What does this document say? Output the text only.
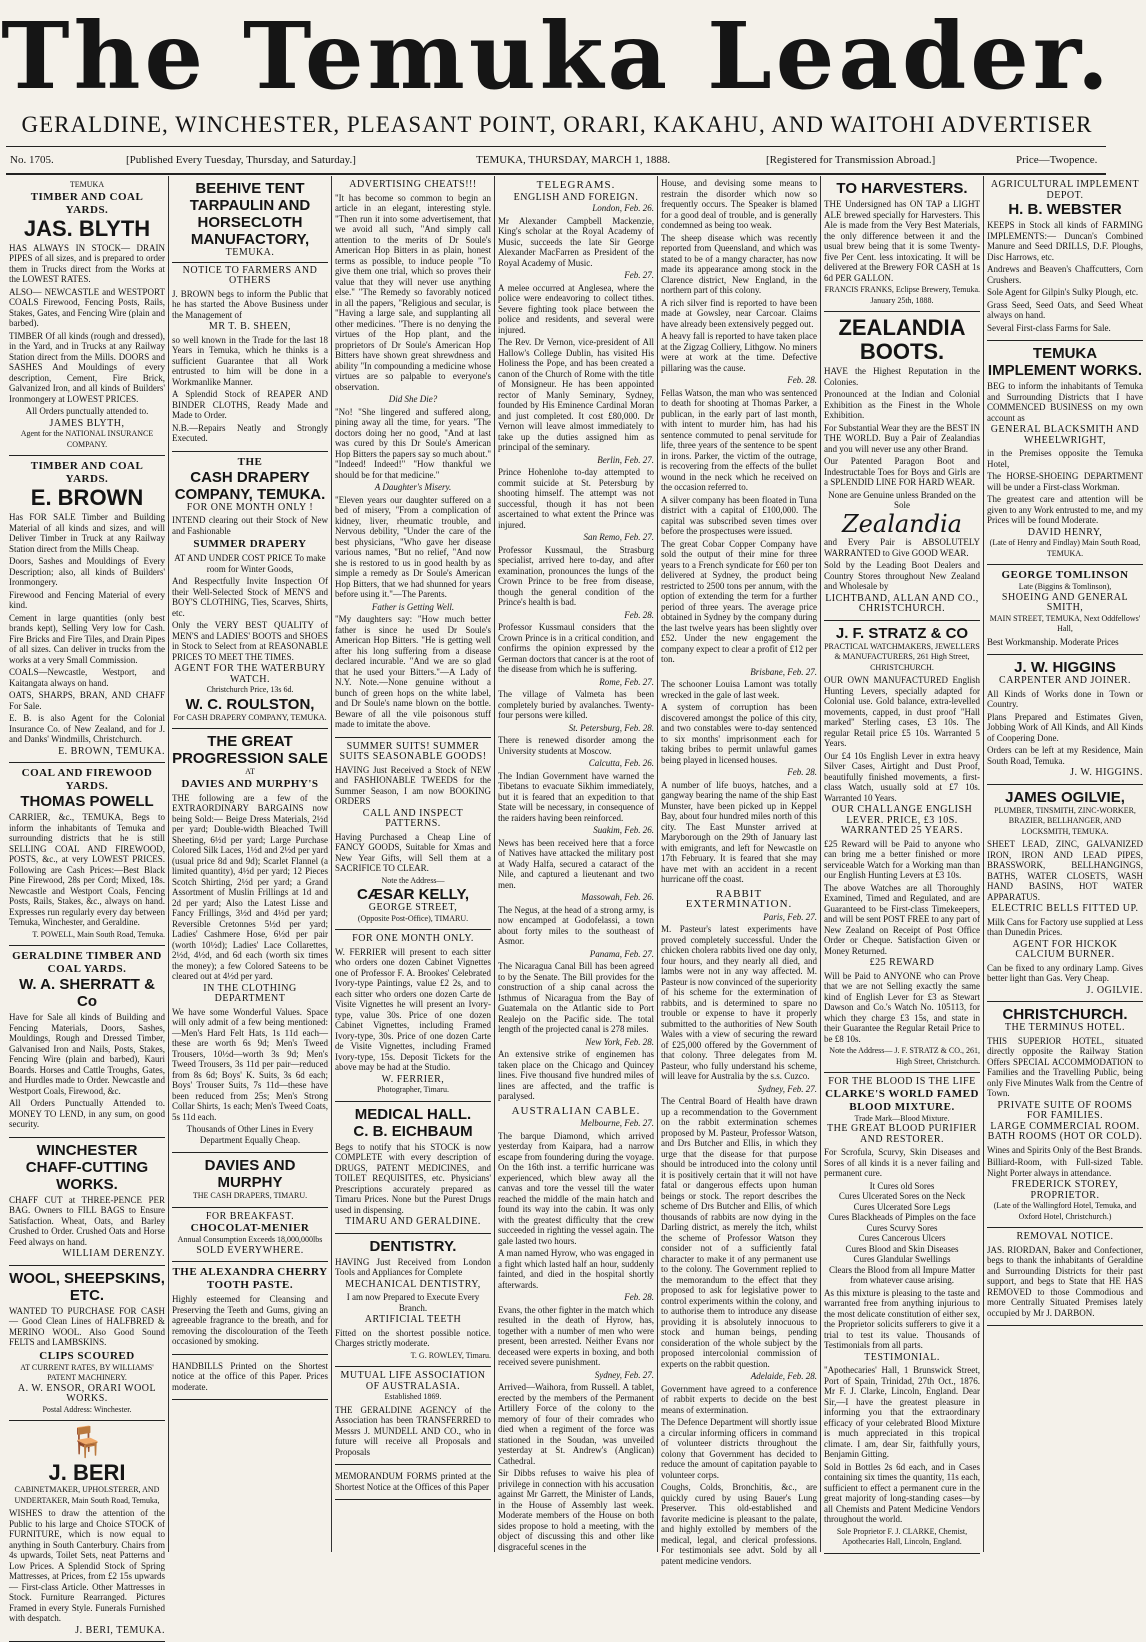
The Temuka Leader.
GERALDINE, WINCHESTER, PLEASANT POINT, ORARI, KAKAHU, AND WAITOHI ADVERTISER
No. 1705.	[Published Every Tuesday, Thursday, and Saturday.]	TEMUKA, THURSDAY, MARCH 1, 1888.	[Registered for Transmission Abroad.]	Price—Twopence.
TEMUKA
TIMBER AND COAL YARDS.
JAS. BLYTH

HAS ALWAYS IN STOCK— DRAIN PIPES of all sizes, and is prepared to order them in Trucks direct from the Works at the LOWEST RATES.

ALSO— NEWCASTLE and WESTPORT COALS Firewood, Fencing Posts, Rails, Stakes, Gates, and Fencing Wire (plain and barbed).

TIMBER Of all kinds (rough and dressed), in the Yard, and in Trucks at any Railway Station direct from the Mills. DOORS and SASHES And Mouldings of every description, Cement, Fire Brick, Galvanized Iron, and all kinds of Builders' Ironmongery at LOWEST PRICES.

All Orders punctually attended to.

JAMES BLYTH,
Agent for the NATIONAL INSURANCE COMPANY.
TIMBER AND COAL YARDS.
E. BROWN

Has FOR SALE Timber and Building Material of all kinds and sizes, and will Deliver Timber in Truck at any Railway Station direct from the Mills Cheap.

Doors, Sashes and Mouldings of Every Description; also, all kinds of Builders' Ironmongery.

Firewood and Fencing Material of every kind.

Cement in large quantities (only best brands kept), Selling Very low for Cash. Fire Bricks and Fire Tiles, and Drain Pipes of all sizes. Can deliver in trucks from the works at a very Small Commission.

COALS—Newcastle, Westport, and Kaitangata always on hand.

OATS, SHARPS, BRAN, AND CHAFF For Sale.

E. B. is also Agent for the Colonial Insurance Co. of New Zealand, and for J. and Danks' Windmills, Christchurch.

E. BROWN, TEMUKA.
COAL AND FIREWOOD YARDS.
THOMAS POWELL

CARRIER, &c., TEMUKA, Begs to inform the inhabitants of Temuka and surrounding districts that he is still SELLING COAL AND FIREWOOD, POSTS, &c., at very LOWEST PRICES. Following are Cash Prices:—Best Black Pine Firewood, 28s per Cord; Mixed, 18s. Newcastle and Westport Coals, Fencing Posts, Rails, Stakes, &c., always on hand. Expresses run regularly every day between Temuka, Winchester, and Geraldine.

T. POWELL, Main South Road, Temuka.
GERALDINE TIMBER AND COAL YARDS.
W. A. SHERRATT & Co

Have for Sale all kinds of Building and Fencing Materials, Doors, Sashes, Mouldings, Rough and Dressed Timber, Galvanised Iron and Nails, Posts, Stakes, Fencing Wire (plain and barbed), Kauri Boards. Horses and Cattle Troughs, Gates, and Hurdles made to Order. Newcastle and Westport Coals, Firewood, &c.

All Orders Punctually Attended to. MONEY TO LEND, in any sum, on good security.

WINCHESTER CHAFF-CUTTING WORKS.

CHAFF CUT at THREE-PENCE PER BAG. Owners to FILL BAGS to Ensure Satisfaction. Wheat, Oats, and Barley Crushed to Order. Crushed Oats and Horse Feed always on hand.

WILLIAM DERENZY.
WOOL, SHEEPSKINS, ETC.

WANTED TO PURCHASE FOR CASH — Good Clean Lines of HALFBRED & MERINO WOOL. Also Good Sound FELTS and LAMBSKINS.

CLIPS SCOURED
AT CURRENT RATES, BY WILLIAMS' PATENT MACHINERY.
A. W. ENSOR, ORARI WOOL WORKS.
Postal Address: Winchester.
🪑
J. BERI
CABINETMAKER, UPHOLSTERER, AND UNDERTAKER, Main South Road, Temuka,

WISHES to draw the attention of the Public to his large and Choice STOCK of FURNITURE, which is now equal to anything in South Canterbury. Chairs from 4s upwards, Toilet Sets, neat Patterns and Low Prices. A Splendid Stock of Spring Mattresses, at Prices, from £2 15s upwards — First-class Article. Other Mattresses in Stock. Furniture Rearranged. Pictures Framed in every Style. Funerals Furnished with despatch.

J. BERI, TEMUKA.
BEEHIVE TENT TARPAULIN AND HORSECLOTH MANUFACTORY,
TEMUKA.
NOTICE TO FARMERS AND OTHERS

J. BROWN begs to inform the Public that he has started the Above Business under the Management of

MR T. B. SHEEN,

so well known in the Trade for the last 18 Years in Temuka, which he thinks is a sufficient Guarantee that all Work entrusted to him will be done in a Workmanlike Manner.

A Splendid Stock of REAPER AND BINDER CLOTHS, Ready Made and Made to Order.

N.B.—Repairs Neatly and Strongly Executed.

THE
CASH DRAPERY COMPANY, TEMUKA.
FOR ONE MONTH ONLY !

INTEND clearing out their Stock of New and Fashionable

SUMMER DRAPERY

AT AND UNDER COST PRICE To make room for Winter Goods,

And Respectfully Invite Inspection Of their Well-Selected Stock of MEN'S and BOY'S CLOTHING, Ties, Scarves, Shirts, etc.

Only the VERY BEST QUALITY of MEN'S and LADIES' BOOTS and SHOES in Stock to Select from at REASONABLE PRICES TO MEET THE TIMES.

AGENT FOR THE WATERBURY WATCH.
Christchurch Price, 13s 6d.
W. C. ROULSTON,
For CASH DRAPERY COMPANY, TEMUKA.
THE GREAT PROGRESSION SALE
AT
DAVIES AND MURPHY'S

THE following are a few of the EXTRAORDINARY BARGAINS now being Sold:— Beige Dress Materials, 2½d per yard; Double-width Bleached Twill Sheeting, 6½d per yard; Large Purchase Colored Silk Laces, 1½d and 2½d per yard (usual price 8d and 9d); Scarlet Flannel (a limited quantity), 4½d per yard; 12 Pieces Scotch Shirting, 2½d per yard; a Grand Assortment of Muslin Frillings at 1d and 2d per yard; Also the Latest Lisse and Fancy Frillings, 3½d and 4½d per yard; Reversible Cretonnes 5½d per yard; Ladies' Cashmere Hose, 6½d per pair (worth 10½d); Ladies' Lace Collarettes, 2½d, 4½d, and 6d each (worth six times the money); a few Colored Sateens to be cleared out at 4½d per yard.

IN THE CLOTHING DEPARTMENT

We have some Wonderful Values. Space will only admit of a few being mentioned:—Men's Hard Felt Hats, 1s 11d each—these are worth 6s 9d; Men's Tweed Trousers, 10½d—worth 3s 9d; Men's Tweed Trousers, 3s 11d per pair—reduced from 8s 6d; Boys' K. Suits, 3s 6d each; Boys' Trouser Suits, 7s 11d—these have been reduced from 25s; Men's Strong Collar Shirts, 1s each; Men's Tweed Coats, 5s 11d each.

Thousands of Other Lines in Every Department Equally Cheap.

DAVIES AND MURPHY
THE CASH DRAPERS, TIMARU.
FOR BREAKFAST.
CHOCOLAT-MENIER
Annual Consumption Exceeds 18,000,000lbs
SOLD EVERYWHERE.
THE ALEXANDRA CHERRY TOOTH PASTE.

Highly esteemed for Cleansing and Preserving the Teeth and Gums, giving an agreeable fragrance to the breath, and for removing the discolouration of the Teeth occasioned by smoking.

HANDBILLS Printed on the Shortest notice at the office of this Paper. Prices moderate.

ADVERTISING CHEATS!!!

"It has become so common to begin an article in an elegant, interesting style. "Then run it into some advertisement, that we avoid all such, "And simply call attention to the merits of Dr Soule's American Hop Bitters in as plain, honest terms as possible, to induce people "To give them one trial, which so proves their value that they will never use anything else." "The Remedy so favorably noticed in all the papers, "Religious and secular, is "Having a large sale, and supplanting all other medicines. "There is no denying the virtues of the Hop plant, and the proprietors of Dr Soule's American Hop Bitters have shown great shrewdness and ability "In compounding a medicine whose virtues are so palpable to everyone's observation.

Did She Die?

"No! "She lingered and suffered along, pining away all the time, for years. "The doctors doing her no good, "And at last was cured by this Dr Soule's American Hop Bitters the papers say so much about." "Indeed! Indeed!" "How thankful we should be for that medicine."

A Daughter's Misery.

"Eleven years our daughter suffered on a bed of misery, "From a complication of kidney, liver, rheumatic trouble, and Nervous debility, "Under the care of the best physicians, "Who gave her disease various names, "But no relief, "And now she is restored to us in good health by as simple a remedy as Dr Soule's American Hop Bitters, that we had shunned for years before using it."—The Parents.

Father is Getting Well.

"My daughters say: "How much better father is since he used Dr Soule's American Hop Bitters. "He is getting well after his long suffering from a disease declared incurable. "And we are so glad that he used your Bitters."—A Lady of N.Y. Note.—None genuine without a bunch of green hops on the white label, and Dr Soule's name blown on the bottle. Beware of all the vile poisonous stuff made to imitate the above.

SUMMER SUITS! SUMMER SUITS SEASONABLE GOODS!

HAVING Just Received a Stock of NEW and FASHIONABLE TWEEDS for the Summer Season, I am now BOOKING ORDERS

CALL AND INSPECT PATTERNS.

Having Purchased a Cheap Line of FANCY GOODS, Suitable for Xmas and New Year Gifts, will Sell them at a SACRIFICE TO CLEAR.

Note the Address—
CÆSAR KELLY,
GEORGE STREET,
(Opposite Post-Office), TIMARU.
FOR ONE MONTH ONLY.

W. FERRIER will present to each sitter who orders one dozen Cabinet Vignettes one of Professor F. A. Brookes' Celebrated Ivory-type Paintings, value £2 2s, and to each sitter who orders one dozen Carte de Visite Vignettes he will present an Ivory-type, value 30s. Price of one dozen Cabinet Vignettes, including Framed Ivory-type, 30s. Price of one dozen Carte de Visite Vignettes, including Framed Ivory-type, 15s. Deposit Tickets for the above may be had at the Studio.

W. FERRIER,
Photographer, Timaru.
MEDICAL HALL.
C. B. EICHBAUM

Begs to notify that his STOCK is now COMPLETE with every description of DRUGS, PATENT MEDICINES, and TOILET REQUISITES, etc. Physicians' Prescriptions accurately prepared as Timaru Prices. None but the Purest Drugs used in dispensing.

TIMARU AND GERALDINE.
DENTISTRY.

HAVING Just Received from London Tools and Appliances for Complete

MECHANICAL DENTISTRY,

I am now Prepared to Execute Every Branch.

ARTIFICIAL TEETH

Fitted on the shortest possible notice. Charges strictly moderate.

T. G. ROWLEY, Timaru.
MUTUAL LIFE ASSOCIATION OF AUSTRALASIA.
Established 1869.

THE GERALDINE AGENCY of the Association has been TRANSFERRED to Messrs J. MUNDELL AND CO., who in future will receive all Proposals and Proposals

MEMORANDUM FORMS printed at the Shortest Notice at the Offices of this Paper

TELEGRAMS.
ENGLISH AND FOREIGN.
London, Feb. 26.

Mr Alexander Campbell Mackenzie, King's scholar at the Royal Academy of Music, succeeds the late Sir George Alexander MacFarren as President of the Royal Academy of Music.

Feb. 27.

A melee occurred at Anglesea, where the police were endeavoring to collect tithes. Severe fighting took place between the police and residents, and several were injured.

The Rev. Dr Vernon, vice-president of All Hallow's College Dublin, has visited His Holiness the Pope, and has been created a canon of the Church of Rome with the title of Monsigneur. He has been appointed rector of Manly Seminary, Sydney, founded by His Eminence Cardinal Moran and just completed. It cost £80,000. Dr Vernon will leave almost immediately to take up the duties assigned him as principal of the seminary.

Berlin, Feb. 27.

Prince Hohenlohe to-day attempted to commit suicide at St. Petersburg by shooting himself. The attempt was not successful, though it has not been ascertained to what extent the Prince was injured.

San Remo, Feb. 27.

Professor Kussmaul, the Strasburg specialist, arrived here to-day, and after examination, pronounces the lungs of the Crown Prince to be free from disease, though the general condition of the Prince's health is bad.

Feb. 28.

Professor Kussmaul considers that the Crown Prince is in a critical condition, and confirms the opinion expressed by the German doctors that cancer is at the root of the disease from which he is suffering.

Rome, Feb. 27.

The village of Valmeta has been completely buried by avalanches. Twenty-four persons were killed.

St. Petersburg, Feb. 28.

There is renewed disorder among the University students at Moscow.

Calcutta, Feb. 26.

The Indian Government have warned the Tibetans to evacuate Sikhim immediately, but it is feared that an expedition to that State will be necessary, in consequence of the raiders having been reinforced.

Suakim, Feb. 26.

News has been received here that a force of Natives have attacked the military post at Wady Halfa, secured a cataract of the Nile, and captured a lieutenant and two men.

Massowah, Feb. 26.

The Negus, at the head of a strong army, is now encamped at Godofelassi, a town about forty miles to the southeast of Asmor.

Panama, Feb. 27.

The Nicaragua Canal Bill has been agreed to by the Senate. The Bill provides for the construction of a ship canal across the Isthmus of Nicaragua from the Bay of Guatemala on the Atlantic side to Port Realejo on the Pacific side. The total length of the projected canal is 278 miles.

New York, Feb. 28.

An extensive strike of enginemen has taken place on the Chicago and Quincey lines. Five thousand five hundred miles of lines are affected, and the traffic is paralysed.

AUSTRALIAN CABLE.
Melbourne, Feb. 27.

The barque Diamond, which arrived yesterday from Kaipara, had a narrow escape from foundering during the voyage. On the 16th inst. a terrific hurricane was experienced, which blew away all the canvas and tore the vessel till the water reached the middle of the main hatch and found its way into the cabin. It was only with the greatest difficulty that the crew succeeded in righting the vessel again. The gale lasted two hours.

A man named Hyrow, who was engaged in a fight which lasted half an hour, suddenly fainted, and died in the hospital shortly afterwards.

Feb. 28.

Evans, the other fighter in the match which resulted in the death of Hyrow, has, together with a number of men who were present, been arrested. Neither Evans nor deceased were experts in boxing, and both received severe punishment.

Sydney, Feb. 27.

Arrived—Waihora, from Russell. A tablet, erected by the members of the Permanent Artillery Force of the colony to the memory of four of their comrades who died when a regiment of the force was stationed in the Soudan, was unveiled yesterday at St. Andrew's (Anglican) Cathedral.

Sir Dibbs refuses to waive his plea of privilege in connection with his accusation against Mr Garrett, the Minister of Lands, in the House of Assembly last week. Moderate members of the House on both sides propose to hold a meeting, with the object of discussing this and other like disgraceful scenes in the

House, and devising some means to restrain the disorder which now so frequently occurs. The Speaker is blamed for a good deal of trouble, and is generally condemned as being too weak.

The sheep disease which was recently reported from Queensland, and which was stated to be of a mangy character, has now made its appearance among stock in the Clarence district, New England, in the northern part of this colony.

A rich silver find is reported to have been made at Gowsley, near Carcoar. Claims have already been extensively pegged out.

A heavy fall is reported to have taken place at the Zigzag Colliery, Lithgow. No miners were at work at the time. Defective pillaring was the cause.

Feb. 28.

Fellas Watson, the man who was sentenced to death for shooting at Thomas Parker, a publican, in the early part of last month, with intent to murder him, has had his sentence commuted to penal servitude for life, three years of the sentence to be spent in irons. Parker, the victim of the outrage, is recovering from the effects of the bullet wound in the neck which he received on the occasion referred to.

A silver company has been floated in Tuna district with a capital of £100,000. The capital was subscribed seven times over before the prospectuses were issued.

The great Cobar Copper Company have sold the output of their mine for three years to a French syndicate for £60 per ton delivered at Sydney, the product being restricted to 2500 tons per annum, with the option of extending the term for a further period of three years. The average price obtained in Sydney by the company during the last twelve years has been slightly over £52. Under the new engagement the company expect to clear a profit of £12 per ton.

Brisbane, Feb. 27.

The schooner Louisa Lamont was totally wrecked in the gale of last week.

A system of corruption has been discovered amongst the police of this city, and two constables were to-day sentenced to six months' imprisonment each for taking bribes to permit unlawful games being played in licensed houses.

Feb. 28.

A number of life buoys, hatches, and a gangway bearing the name of the ship East Munster, have been picked up in Keppel Bay, about four hundred miles north of this city. The East Munster arrived at Maryborough on the 29th of January last with emigrants, and left for Newcastle on 17th February. It is feared that she may have met with an accident in a recent hurricane off the coast.

RABBIT EXTERMINATION.
Paris, Feb. 27.

M. Pasteur's latest experiments have proved completely successful. Under the chicken cholera rabbits lived one day only, four hours, and they nearly all died, and lambs were not in any way affected. M. Pasteur is now convinced of the superiority of his scheme for the extermination of rabbits, and is determined to spare no trouble or expense to have it properly submitted to the authorities of New South Wales with a view of securing the reward of £25,000 offered by the Government of that colony. Three delegates from M. Pasteur, who fully understand his scheme, will leave for Australia by the s.s. Cuzco.

Sydney, Feb. 27.

The Central Board of Health have drawn up a recommendation to the Government on the rabbit extermination schemes proposed by M. Pasteur, Professor Watson, and Drs Butcher and Ellis, in which they urge that the disease for that purpose should be introduced into the colony until it is positively certain that it will not have fatal or dangerous effects upon human beings or stock. The report describes the scheme of Drs Butcher and Ellis, of which thousands of rabbits are now dying in the Darling district, as merely the itch, whilst the scheme of Professor Watson they consider not of a sufficiently fatal character to make it of any permanent use to the colony. The Government replied to the memorandum to the effect that they proposed to ask for legislative power to control experiments within the colony, and to authorise them to introduce any disease providing it is absolutely innocuous to stock and human beings, pending consideration of the whole subject by the proposed intercolonial commission of experts on the rabbit question.

Adelaide, Feb. 28.

Government have agreed to a conference of rabbit experts to decide on the best means of extermination.

The Defence Department will shortly issue a circular informing officers in command of volunteer districts throughout the colony that Government has decided to reduce the amount of capitation payable to volunteer corps.

Coughs, Colds, Bronchitis, &c., are quickly cured by using Bauer's Lung Preserver. This old-established and favorite medicine is pleasant to the palate, and highly extolled by members of the medical, legal, and clerical professions. For testimonials see advt. Sold by all patent medicine vendors.

TO HARVESTERS.

THE Undersigned has ON TAP a LIGHT ALE brewed specially for Harvesters. This Ale is made from the Very Best Materials, the only difference between it and the usual brew being that it is some Twenty-five Per Cent. less intoxicating. It will be delivered at the Brewery FOR CASH at 1s 6d PER GALLON.

FRANCIS FRANKS, Eclipse Brewery, Temuka.
January 25th, 1888.
ZEALANDIA BOOTS.

HAVE the Highest Reputation in the Colonies.

Pronounced at the Indian and Colonial Exhibition as the Finest in the Whole Exhibition.

For Substantial Wear they are the BEST IN THE WORLD. Buy a Pair of Zealandias and you will never use any other Brand.

Our Patented Paragon Boot and Indestructable Toes for Boys and Girls are a SPLENDID LINE FOR HARD WEAR.

None are Genuine unless Branded on the Sole

Zealandia

and Every Pair is ABSOLUTELY WARRANTED to Give GOOD WEAR.

Sold by the Leading Boot Dealers and Country Stores throughout New Zealand and Wholesale by

LICHTBAND, ALLAN AND CO., CHRISTCHURCH.
J. F. STRATZ & CO
PRACTICAL WATCHMAKERS, JEWELLERS & MANUFACTURERS, 261 High Street, CHRISTCHURCH.

OUR OWN MANUFACTURED English Hunting Levers, specially adapted for Colonial use. Gold balance, extra-levelled movements, capped, in dust proof "Hall marked" Sterling cases, £3 10s. The regular Retail price £5 10s. Warranted 5 Years.

Our £4 10s English Lever in extra heavy Silver Cases, Airtight and Dust Proof, beautifully finished movements, a first-class Watch, usually sold at £7 10s. Warranted 10 Years.

OUR CHALLANGE ENGLISH LEVER. PRICE, £3 10S. WARRANTED 25 YEARS.

£25 Reward will be Paid to anyone who can bring me a better finished or more serviceable Watch for a Working man than our English Hunting Levers at £3 10s.

The above Watches are all Thoroughly Examined, Timed and Regulated, and are Guaranteed to be First-class Timekeepers, and will be sent POST FREE to any part of New Zealand on Receipt of Post Office Order or Cheque. Satisfaction Given or Money Returned.

£25 REWARD

Will be Paid to ANYONE who can Prove that we are not Selling exactly the same kind of English Lever for £3 as Stewart Dawson and Co.'s Watch No. 105113, for which they charge £3 15s, and state in their Guarantee the Regular Retail Price to be £8 10s.

Note the Address— J. F. STRATZ & CO., 261, High Street, Christchurch.
FOR THE BLOOD IS THE LIFE
CLARKE'S WORLD FAMED BLOOD MIXTURE.
Trade Mark—Blood Mixture.
THE GREAT BLOOD PURIFIER AND RESTORER.

For Scrofula, Scurvy, Skin Diseases and Sores of all kinds it is a never failing and permanent cure.

It Cures old Sores
Cures Ulcerated Sores on the Neck
Cures Ulcerated Sore Legs
Cures Blackheads of Pimples on the face
Cures Scurvy Sores
Cures Cancerous Ulcers
Cures Blood and Skin Diseases
Cures Glandular Swellings
Clears the Blood from all Impure Matter from whatever cause arising.

As this mixture is pleasing to the taste and warranted free from anything injurious to the most delicate constitution of either sex, the Proprietor solicits sufferers to give it a trial to test its value. Thousands of Testimonials from all parts.

TESTIMONIAL.

"Apothecaries' Hall, 1 Brunswick Street, Port of Spain, Trinidad, 27th Oct., 1876. Mr F. J. Clarke, Lincoln, England. Dear Sir,—I have the greatest pleasure in informing you that the extraordinary efficacy of your celebrated Blood Mixture is much appreciated in this tropical climate. I am, dear Sir, faithfully yours, Benjamin Gitting.

Sold in Bottles 2s 6d each, and in Cases containing six times the quantity, 11s each, sufficient to effect a permanent cure in the great majority of long-standing cases—by all Chemists and Patent Medicine Vendors throughout the world.

Sole Proprietor F. J. CLARKE, Chemist, Apothecaries Hall, Lincoln, England.
AGRICULTURAL IMPLEMENT DEPOT.
H. B. WEBSTER

KEEPS in Stock all kinds of FARMING IMPLEMENTS:— Duncan's Combined Manure and Seed DRILLS, D.F. Ploughs, Disc Harrows, etc.

Andrews and Beaven's Chaffcutters, Corn Crushers.

Sole Agent for Gilpin's Sulky Plough, etc.

Grass Seed, Seed Oats, and Seed Wheat always on hand.

Several First-class Farms for Sale.

TEMUKA IMPLEMENT WORKS.

BEG to inform the inhabitants of Temuka and Surrounding Districts that I have COMMENCED BUSINESS on my own account as

GENERAL BLACKSMITH AND WHEELWRIGHT,

in the Premises opposite the Temuka Hotel,

The HORSE-SHOEING DEPARTMENT will be under a First-class Workman.

The greatest care and attention will be given to any Work entrusted to me, and my Prices will be found Moderate.

DAVID HENRY,
(Late of Henry and Findlay) Main South Road, TEMUKA.
GEORGE TOMLINSON
Late (Biggins & Tomlinson),
SHOEING AND GENERAL SMITH,
MAIN STREET, TEMUKA, Next Oddfellows' Hall,

Best Workmanship. Moderate Prices

J. W. HIGGINS
CARPENTER AND JOINER.

All Kinds of Works done in Town or Country.

Plans Prepared and Estimates Given, Jobbing Work of All Kinds, and All Kinds of Coopering Done.

Orders can be left at my Residence, Main South Road, Temuka.

J. W. HIGGINS.
JAMES OGILVIE,
PLUMBER, TINSMITH, ZINC-WORKER, BRAZIER, BELLHANGER, AND LOCKSMITH, TEMUKA.

SHEET LEAD, ZINC, GALVANIZED IRON, IRON AND LEAD PIPES, BRASSWORK, BELLHANGINGS, BATHS, WATER CLOSETS, WASH HAND BASINS, HOT WATER APPARATUS.

ELECTRIC BELLS FITTED UP.

Milk Cans for Factory use supplied at Less than Dunedin Prices.

AGENT FOR HICKOK CALCIUM BURNER.

Can be fixed to any ordinary Lamp. Gives better light than Gas. Very Cheap.

J. OGILVIE.
CHRISTCHURCH.
THE TERMINUS HOTEL.

THIS SUPERIOR HOTEL, situated directly opposite the Railway Station Offers SPECIAL ACCOMMODATION to Families and the Travelling Public, being only Five Minutes Walk from the Centre of Town.

PRIVATE SUITE OF ROOMS FOR FAMILIES.
LARGE COMMERCIAL ROOM.
BATH ROOMS (HOT OR COLD).

Wines and Spirits Only of the Best Brands.

Billiard-Room, with Full-sized Table. Night Porter always in attendance.

FREDERICK STOREY, PROPRIETOR.
(Late of the Wallingford Hotel, Temuka, and Oxford Hotel, Christchurch.)
REMOVAL NOTICE.

JAS. RIORDAN, Baker and Confectioner, begs to thank the inhabitants of Geraldine and Surrounding Districts for their past support, and begs to State that HE HAS REMOVED to those Commodious and more Centrally Situated Premises lately occupied by Mr J. DARBON.
